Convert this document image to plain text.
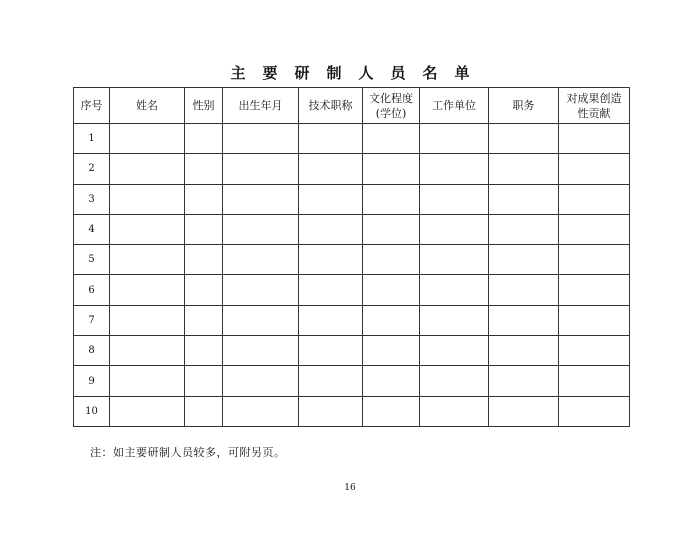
主要研制人员名单
序号	姓名	性别	出生年月	技术职称	文化程度(学位)	工作单位	职务	对成果创造性贡献
1								
2								
3								
4								
5								
6								
7								
8								
9								
10								
注：如主要研制人员较多，可附另页。
16
